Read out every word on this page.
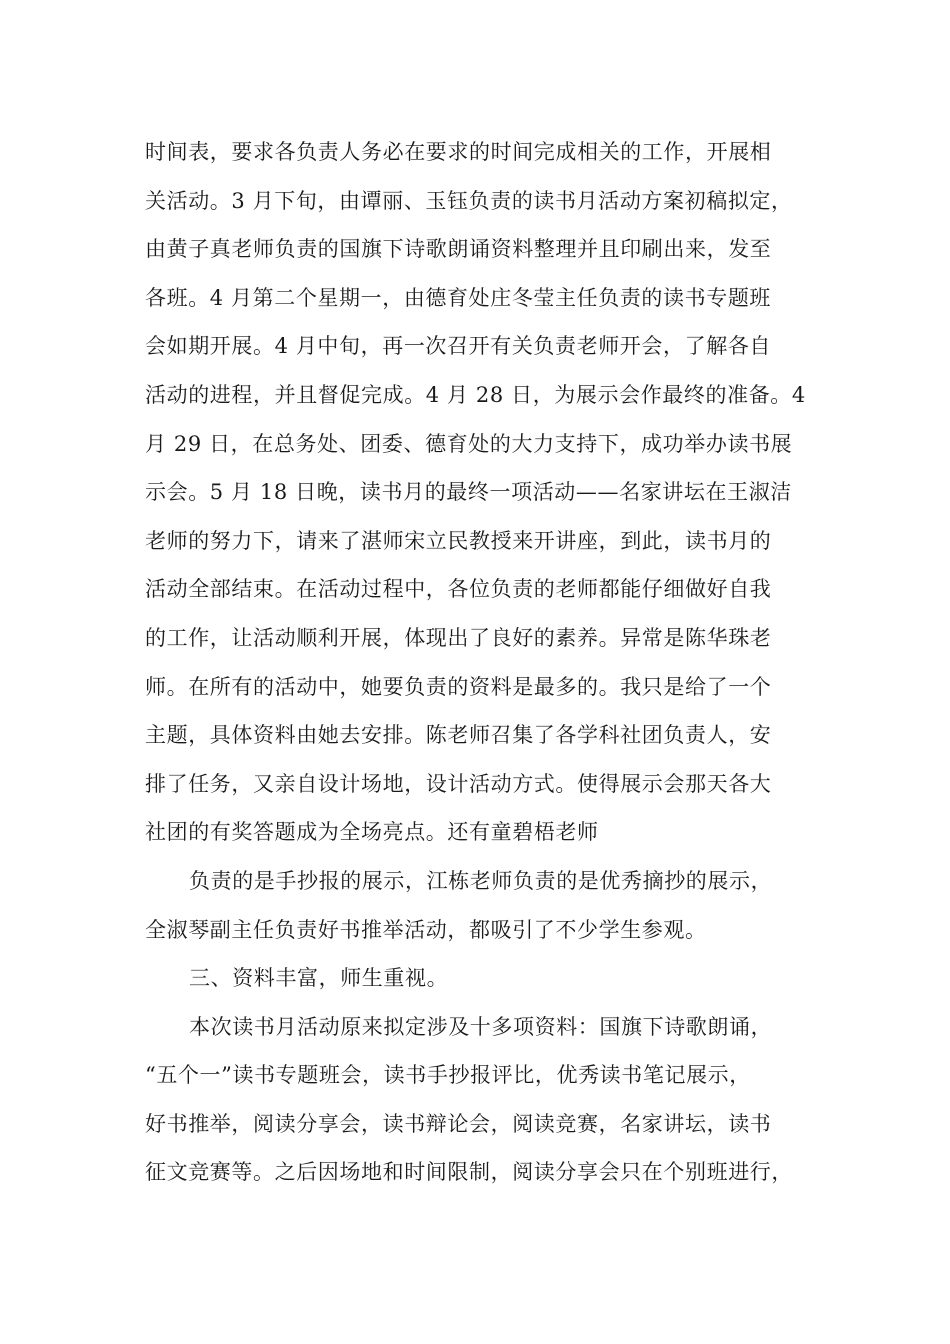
时间表，要求各负责人务必在要求的时间完成相关的工作，开展相
关活动。3 月下旬，由谭丽、玉钰负责的读书月活动方案初稿拟定，
由黄子真老师负责的国旗下诗歌朗诵资料整理并且印刷出来，发至
各班。4 月第二个星期一，由德育处庄冬莹主任负责的读书专题班
会如期开展。4 月中旬，再一次召开有关负责老师开会，了解各自
活动的进程，并且督促完成。4 月 28 日，为展示会作最终的准备。4
月 29 日，在总务处、团委、德育处的大力支持下，成功举办读书展
示会。5 月 18 日晚，读书月的最终一项活动——名家讲坛在王淑洁
老师的努力下，请来了湛师宋立民教授来开讲座，到此，读书月的
活动全部结束。在活动过程中，各位负责的老师都能仔细做好自我
的工作，让活动顺利开展，体现出了良好的素养。异常是陈华珠老
师。在所有的活动中，她要负责的资料是最多的。我只是给了一个
主题，具体资料由她去安排。陈老师召集了各学科社团负责人，安
排了任务，又亲自设计场地，设计活动方式。使得展示会那天各大
社团的有奖答题成为全场亮点。还有童碧梧老师
负责的是手抄报的展示，江栋老师负责的是优秀摘抄的展示，
全淑琴副主任负责好书推举活动，都吸引了不少学生参观。
三、资料丰富，师生重视。
本次读书月活动原来拟定涉及十多项资料：国旗下诗歌朗诵，
“五个一”读书专题班会，读书手抄报评比，优秀读书笔记展示，
好书推举，阅读分享会，读书辩论会，阅读竞赛，名家讲坛，读书
征文竞赛等。之后因场地和时间限制，阅读分享会只在个别班进行，
